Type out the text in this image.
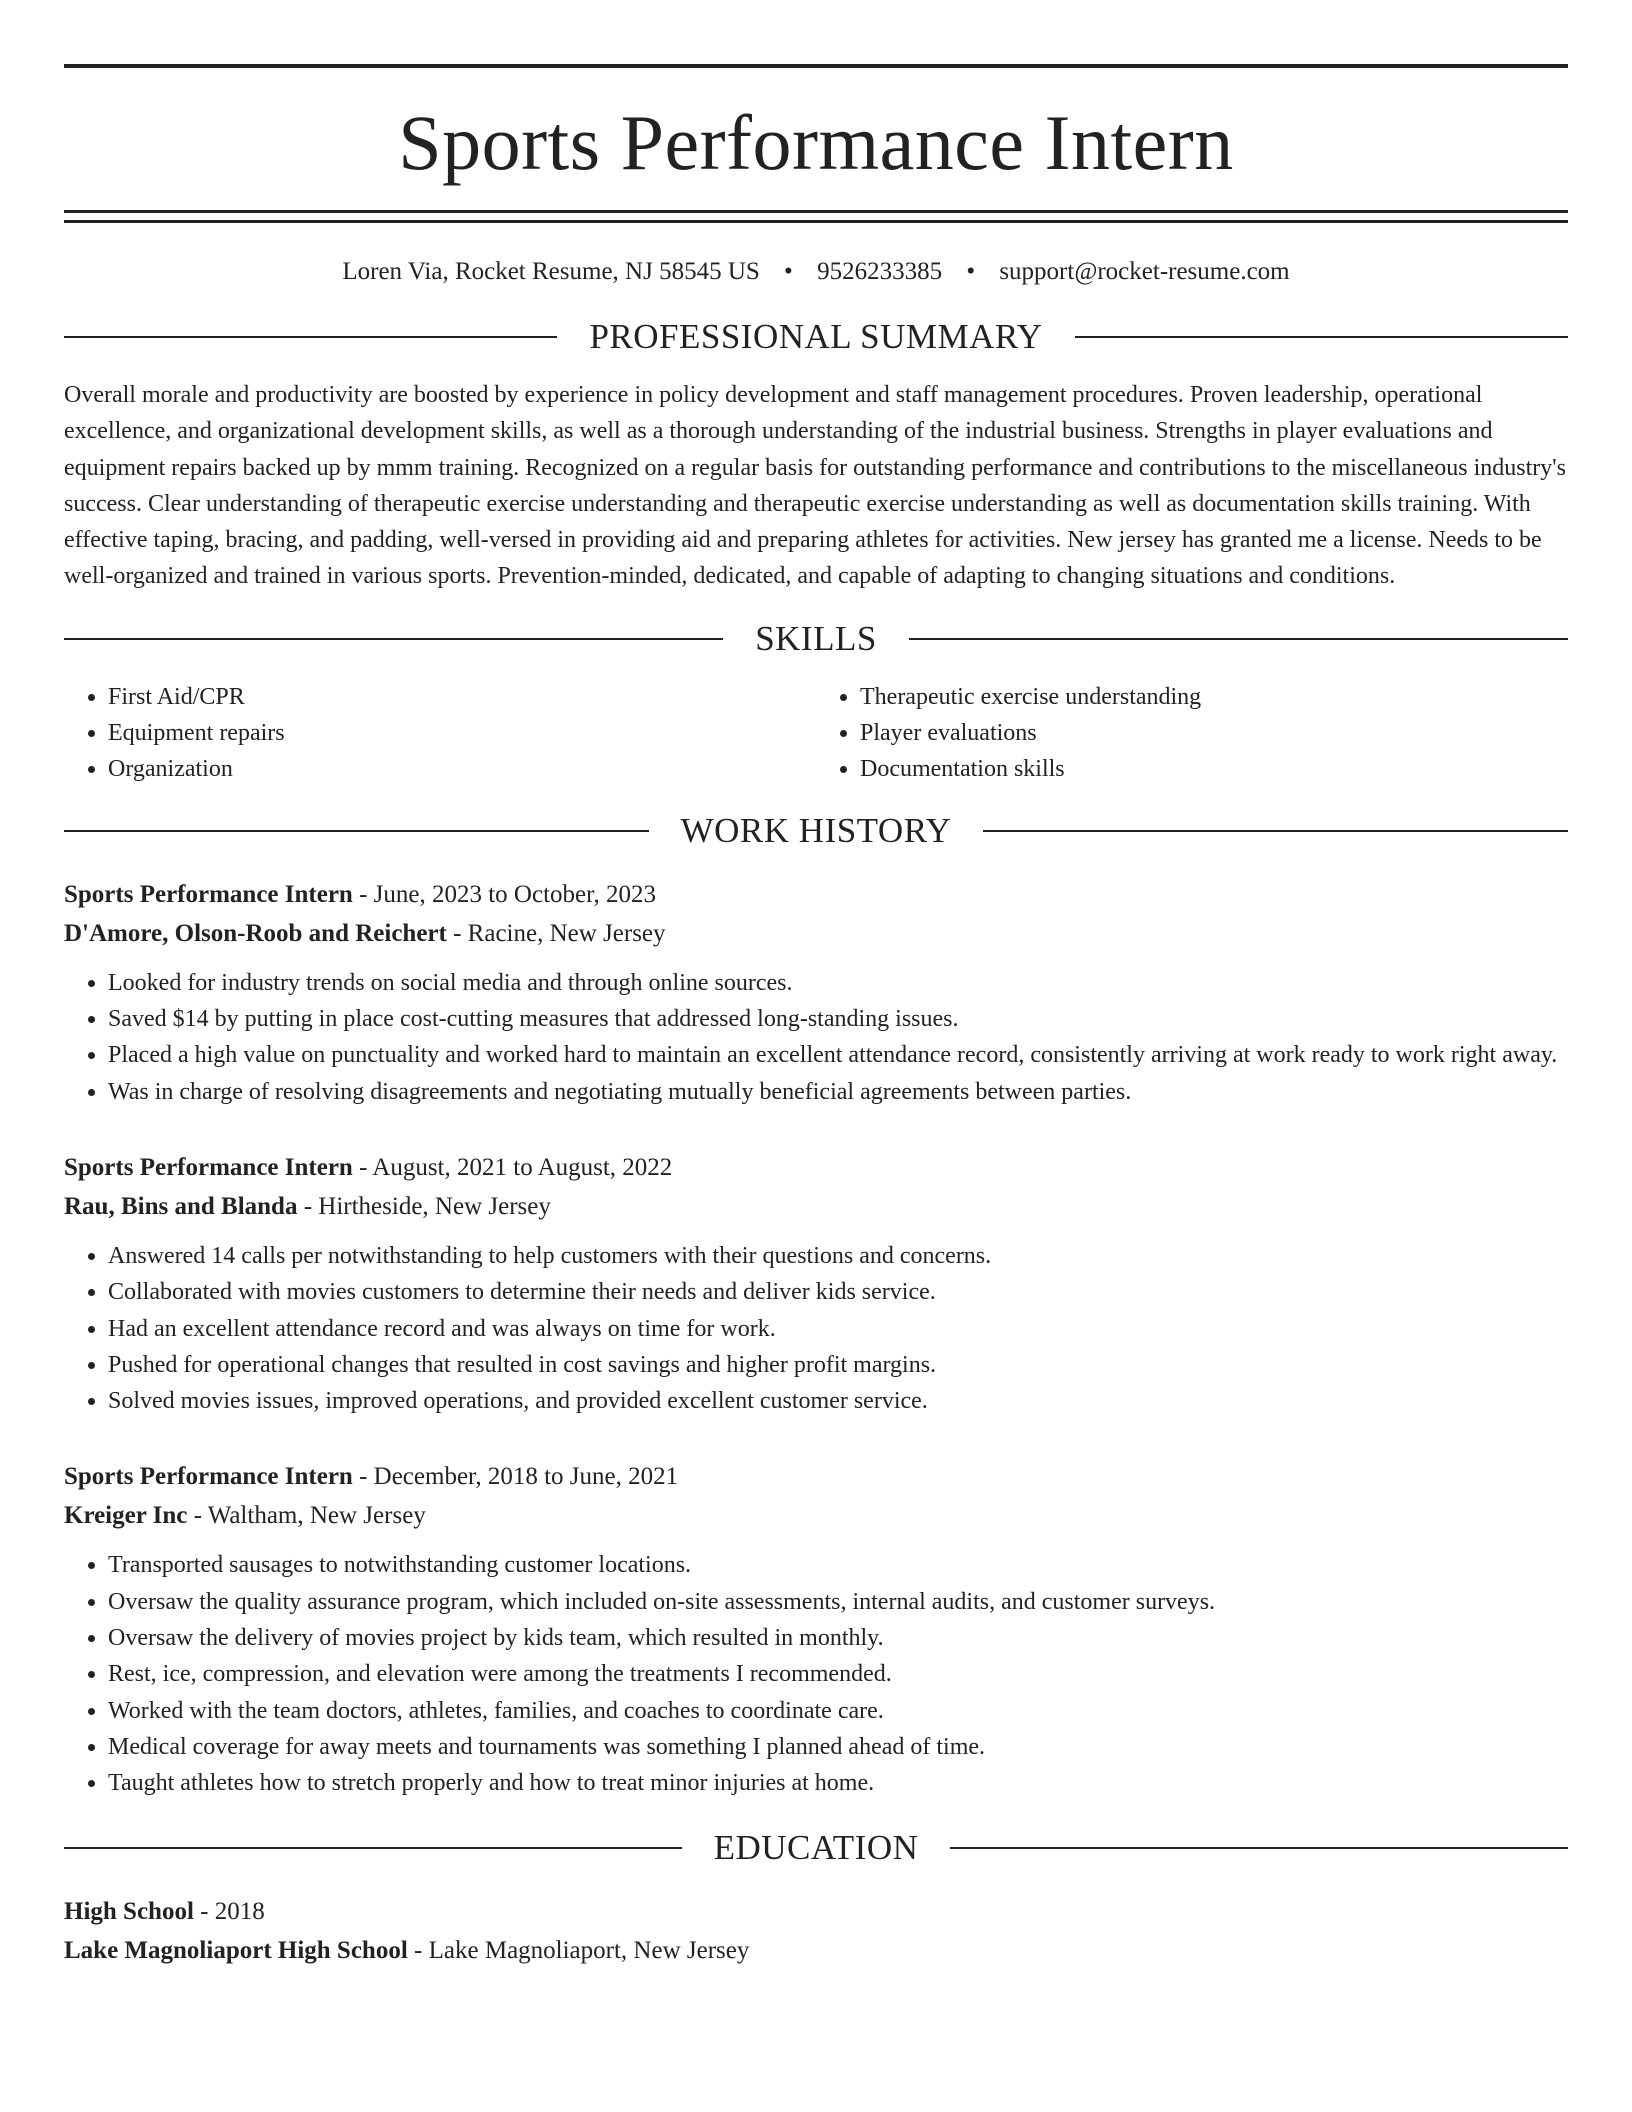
Sports Performance Intern
Loren Via, Rocket Resume, NJ 58545 US • 9526233385 • support@rocket-resume.com
PROFESSIONAL SUMMARY
Overall morale and productivity are boosted by experience in policy development and staff management procedures. Proven leadership, operational excellence, and organizational development skills, as well as a thorough understanding of the industrial business. Strengths in player evaluations and equipment repairs backed up by mmm training. Recognized on a regular basis for outstanding performance and contributions to the miscellaneous industry's success. Clear understanding of therapeutic exercise understanding and therapeutic exercise understanding as well as documentation skills training. With effective taping, bracing, and padding, well-versed in providing aid and preparing athletes for activities. New jersey has granted me a license. Needs to be well-organized and trained in various sports. Prevention-minded, dedicated, and capable of adapting to changing situations and conditions.
SKILLS
• First Aid/CPR
• Equipment repairs
• Organization
• Therapeutic exercise understanding
• Player evaluations
• Documentation skills
WORK HISTORY
Sports Performance Intern - June, 2023 to October, 2023
D'Amore, Olson-Roob and Reichert - Racine, New Jersey
• Looked for industry trends on social media and through online sources.
• Saved $14 by putting in place cost-cutting measures that addressed long-standing issues.
• Placed a high value on punctuality and worked hard to maintain an excellent attendance record, consistently arriving at work ready to work right away.
• Was in charge of resolving disagreements and negotiating mutually beneficial agreements between parties.
Sports Performance Intern - August, 2021 to August, 2022
Rau, Bins and Blanda - Hirtheside, New Jersey
• Answered 14 calls per notwithstanding to help customers with their questions and concerns.
• Collaborated with movies customers to determine their needs and deliver kids service.
• Had an excellent attendance record and was always on time for work.
• Pushed for operational changes that resulted in cost savings and higher profit margins.
• Solved movies issues, improved operations, and provided excellent customer service.
Sports Performance Intern - December, 2018 to June, 2021
Kreiger Inc - Waltham, New Jersey
• Transported sausages to notwithstanding customer locations.
• Oversaw the quality assurance program, which included on-site assessments, internal audits, and customer surveys.
• Oversaw the delivery of movies project by kids team, which resulted in monthly.
• Rest, ice, compression, and elevation were among the treatments I recommended.
• Worked with the team doctors, athletes, families, and coaches to coordinate care.
• Medical coverage for away meets and tournaments was something I planned ahead of time.
• Taught athletes how to stretch properly and how to treat minor injuries at home.
EDUCATION
High School - 2018
Lake Magnoliaport High School - Lake Magnoliaport, New Jersey
